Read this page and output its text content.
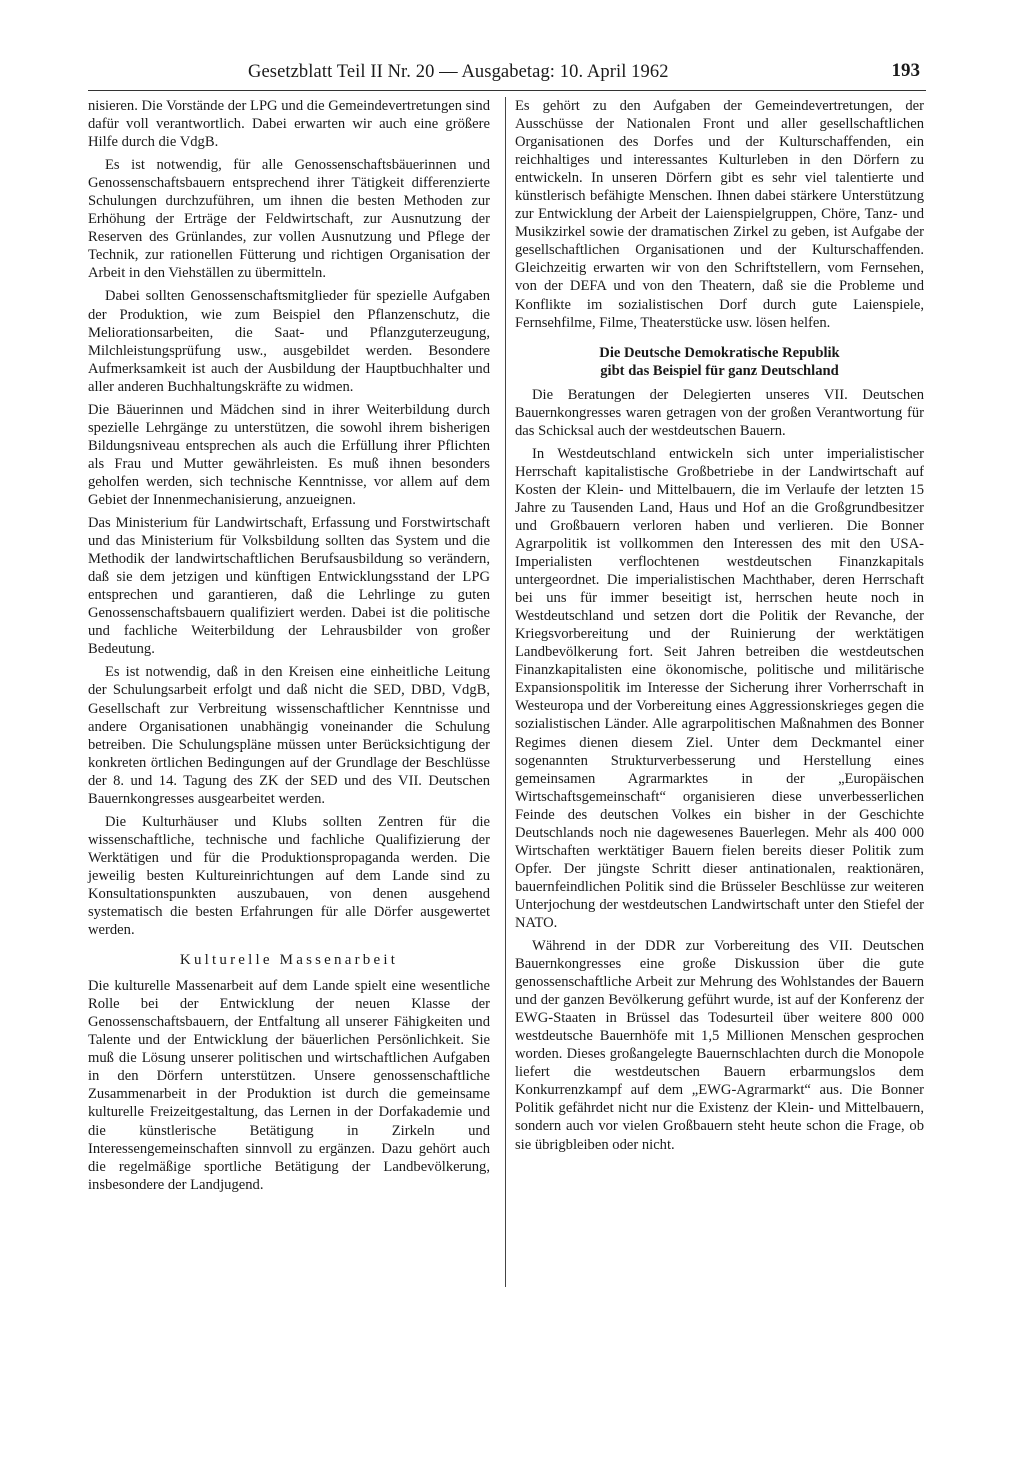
Gesetzblatt Teil II Nr. 20 — Ausgabetag: 10. April 1962	193

nisieren. Die Vorstände der LPG und die Gemeindevertretungen sind dafür voll verantwortlich. Dabei erwarten wir auch eine größere Hilfe durch die VdgB.

Es ist notwendig, für alle Genossenschaftsbäuerinnen und Genossenschaftsbauern entsprechend ihrer Tätigkeit differenzierte Schulungen durchzuführen, um ihnen die besten Methoden zur Erhöhung der Erträge der Feldwirtschaft, zur Ausnutzung der Reserven des Grünlandes, zur vollen Ausnutzung und Pflege der Technik, zur rationellen Fütterung und richtigen Organisation der Arbeit in den Viehställen zu übermitteln.

Dabei sollten Genossenschaftsmitglieder für spezielle Aufgaben der Produktion, wie zum Beispiel den Pflanzenschutz, die Meliorationsarbeiten, die Saat- und Pflanzguterzeugung, Milchleistungsprüfung usw., ausgebildet werden. Besondere Aufmerksamkeit ist auch der Ausbildung der Hauptbuchhalter und aller anderen Buchhaltungskräfte zu widmen.

Die Bäuerinnen und Mädchen sind in ihrer Weiterbildung durch spezielle Lehrgänge zu unterstützen, die sowohl ihrem bisherigen Bildungsniveau entsprechen als auch die Erfüllung ihrer Pflichten als Frau und Mutter gewährleisten. Es muß ihnen besonders geholfen werden, sich technische Kenntnisse, vor allem auf dem Gebiet der Innenmechanisierung, anzueignen.

Das Ministerium für Landwirtschaft, Erfassung und Forstwirtschaft und das Ministerium für Volksbildung sollten das System und die Methodik der landwirtschaftlichen Berufsausbildung so verändern, daß sie dem jetzigen und künftigen Entwicklungsstand der LPG entsprechen und garantieren, daß die Lehrlinge zu guten Genossenschaftsbauern qualifiziert werden. Dabei ist die politische und fachliche Weiterbildung der Lehrausbilder von großer Bedeutung.

Es ist notwendig, daß in den Kreisen eine einheitliche Leitung der Schulungsarbeit erfolgt und daß nicht die SED, DBD, VdgB, Gesellschaft zur Verbreitung wissenschaftlicher Kenntnisse und andere Organisationen unabhängig voneinander die Schulung betreiben. Die Schulungspläne müssen unter Berücksichtigung der konkreten örtlichen Bedingungen auf der Grundlage der Beschlüsse der 8. und 14. Tagung des ZK der SED und des VII. Deutschen Bauernkongresses ausgearbeitet werden.

Die Kulturhäuser und Klubs sollten Zentren für die wissenschaftliche, technische und fachliche Qualifizierung der Werktätigen und für die Produktionspropaganda werden. Die jeweilig besten Kultureinrichtungen auf dem Lande sind zu Konsultationspunkten auszubauen, von denen ausgehend systematisch die besten Erfahrungen für alle Dörfer ausgewertet werden.

Kulturelle Massenarbeit

Die kulturelle Massenarbeit auf dem Lande spielt eine wesentliche Rolle bei der Entwicklung der neuen Klasse der Genossenschaftsbauern, der Entfaltung all unserer Fähigkeiten und Talente und der Entwicklung der bäuerlichen Persönlichkeit. Sie muß die Lösung unserer politischen und wirtschaftlichen Aufgaben in den Dörfern unterstützen. Unsere genossenschaftliche Zusammenarbeit in der Produktion ist durch die gemeinsame kulturelle Freizeitgestaltung, das Lernen in der Dorfakademie und die künstlerische Betätigung in Zirkeln und Interessengemeinschaften sinnvoll zu ergänzen. Dazu gehört auch die regelmäßige sportliche Betätigung der Landbevölkerung, insbesondere der Landjugend.

Es gehört zu den Aufgaben der Gemeindevertretungen, der Ausschüsse der Nationalen Front und aller gesellschaftlichen Organisationen des Dorfes und der Kulturschaffenden, ein reichhaltiges und interessantes Kulturleben in den Dörfern zu entwickeln. In unseren Dörfern gibt es sehr viel talentierte und künstlerisch befähigte Menschen. Ihnen dabei stärkere Unterstützung zur Entwicklung der Arbeit der Laienspielgruppen, Chöre, Tanz- und Musikzirkel sowie der dramatischen Zirkel zu geben, ist Aufgabe der gesellschaftlichen Organisationen und der Kulturschaffenden. Gleichzeitig erwarten wir von den Schriftstellern, vom Fernsehen, von der DEFA und von den Theatern, daß sie die Probleme und Konflikte im sozialistischen Dorf durch gute Laienspiele, Fernsehfilme, Filme, Theaterstücke usw. lösen helfen.

Die Deutsche Demokratische Republik
gibt das Beispiel für ganz Deutschland

Die Beratungen der Delegierten unseres VII. Deutschen Bauernkongresses waren getragen von der großen Verantwortung für das Schicksal auch der westdeutschen Bauern.

In Westdeutschland entwickeln sich unter imperialistischer Herrschaft kapitalistische Großbetriebe in der Landwirtschaft auf Kosten der Klein- und Mittelbauern, die im Verlaufe der letzten 15 Jahre zu Tausenden Land, Haus und Hof an die Großgrundbesitzer und Großbauern verloren haben und verlieren. Die Bonner Agrarpolitik ist vollkommen den Interessen des mit den USA-Imperialisten verflochtenen westdeutschen Finanzkapitals untergeordnet. Die imperialistischen Machthaber, deren Herrschaft bei uns für immer beseitigt ist, herrschen heute noch in Westdeutschland und setzen dort die Politik der Revanche, der Kriegsvorbereitung und der Ruinierung der werktätigen Landbevölkerung fort. Seit Jahren betreiben die westdeutschen Finanzkapitalisten eine ökonomische, politische und militärische Expansionspolitik im Interesse der Sicherung ihrer Vorherrschaft in Westeuropa und der Vorbereitung eines Aggressionskrieges gegen die sozialistischen Länder. Alle agrarpolitischen Maßnahmen des Bonner Regimes dienen diesem Ziel. Unter dem Deckmantel einer sogenannten Strukturverbesserung und Herstellung eines gemeinsamen Agrarmarktes in der „Europäischen Wirtschaftsgemeinschaft“ organisieren diese unverbesserlichen Feinde des deutschen Volkes ein bisher in der Geschichte Deutschlands noch nie dagewesenes Bauerlegen. Mehr als 400 000 Wirtschaften werktätiger Bauern fielen bereits dieser Politik zum Opfer. Der jüngste Schritt dieser antinationalen, reaktionären, bauernfeindlichen Politik sind die Brüsseler Beschlüsse zur weiteren Unterjochung der westdeutschen Landwirtschaft unter den Stiefel der NATO.

Während in der DDR zur Vorbereitung des VII. Deutschen Bauernkongresses eine große Diskussion über die gute genossenschaftliche Arbeit zur Mehrung des Wohlstandes der Bauern und der ganzen Bevölkerung geführt wurde, ist auf der Konferenz der EWG-Staaten in Brüssel das Todesurteil über weitere 800 000 westdeutsche Bauernhöfe mit 1,5 Millionen Menschen gesprochen worden. Dieses großangelegte Bauernschlachten durch die Monopole liefert die westdeutschen Bauern erbarmungslos dem Konkurrenzkampf auf dem „EWG-Agrarmarkt“ aus. Die Bonner Politik gefährdet nicht nur die Existenz der Klein- und Mittelbauern, sondern auch vor vielen Großbauern steht heute schon die Frage, ob sie übrigbleiben oder nicht.
